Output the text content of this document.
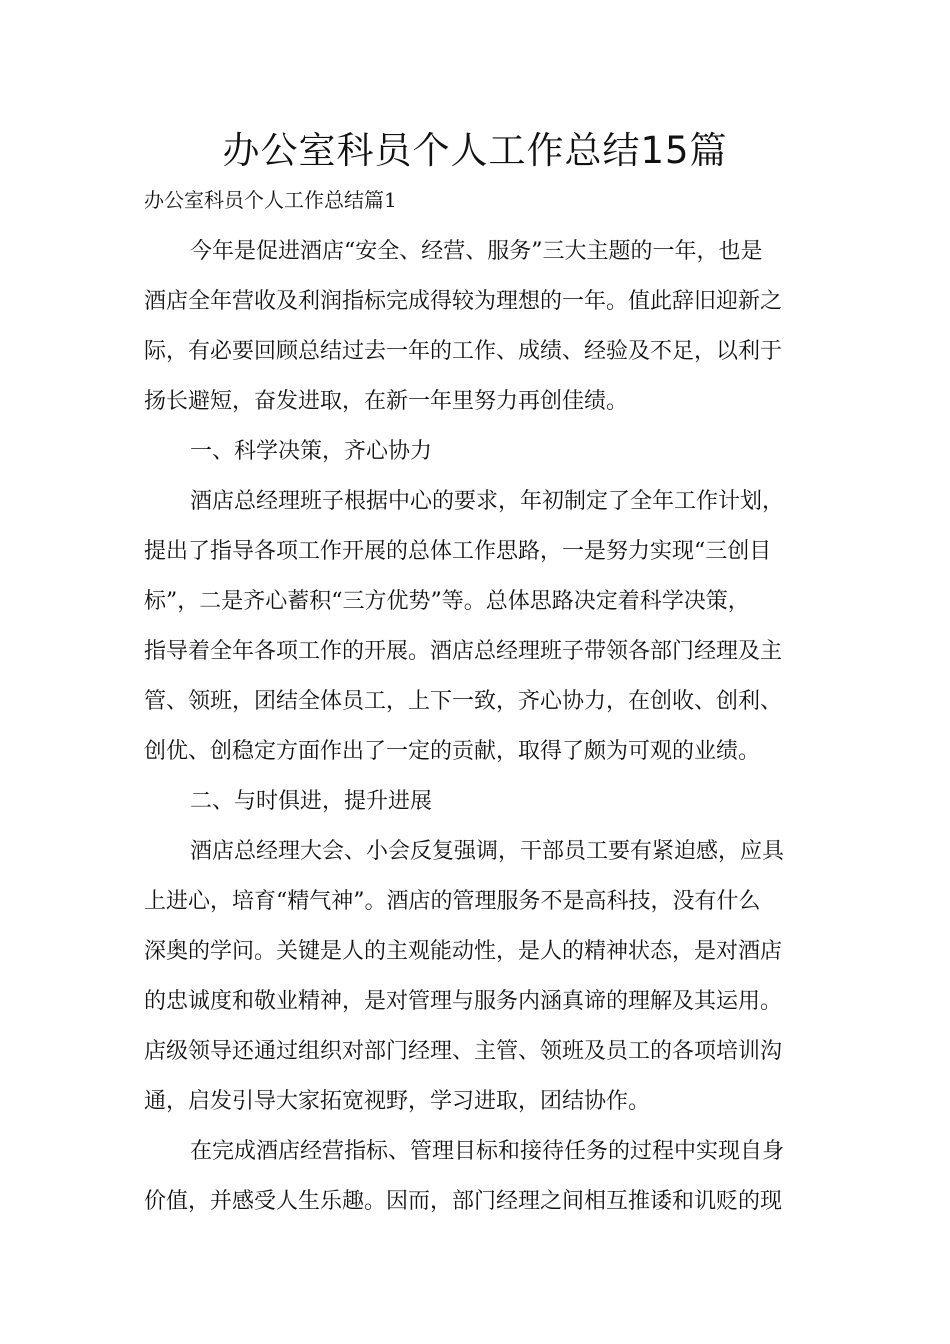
办公室科员个人工作总结15篇
办公室科员个人工作总结篇1
今年是促进酒店“安全、经营、服务”三大主题的一年，也是
酒店全年营收及利润指标完成得较为理想的一年。值此辞旧迎新之
际，有必要回顾总结过去一年的工作、成绩、经验及不足，以利于
扬长避短，奋发进取，在新一年里努力再创佳绩。
一、科学决策，齐心协力
酒店总经理班子根据中心的要求，年初制定了全年工作计划，
提出了指导各项工作开展的总体工作思路，一是努力实现“三创目
标”，二是齐心蓄积“三方优势”等。总体思路决定着科学决策，
指导着全年各项工作的开展。酒店总经理班子带领各部门经理及主
管、领班，团结全体员工，上下一致，齐心协力，在创收、创利、
创优、创稳定方面作出了一定的贡献，取得了颇为可观的业绩。
二、与时俱进，提升进展
酒店总经理大会、小会反复强调，干部员工要有紧迫感，应具
上进心，培育“精气神”。酒店的管理服务不是高科技，没有什么
深奥的学问。关键是人的主观能动性，是人的精神状态，是对酒店
的忠诚度和敬业精神，是对管理与服务内涵真谛的理解及其运用。
店级领导还通过组织对部门经理、主管、领班及员工的各项培训沟
通，启发引导大家拓宽视野，学习进取，团结协作。
在完成酒店经营指标、管理目标和接待任务的过程中实现自身
价值，并感受人生乐趣。因而，部门经理之间相互推诿和讥贬的现
